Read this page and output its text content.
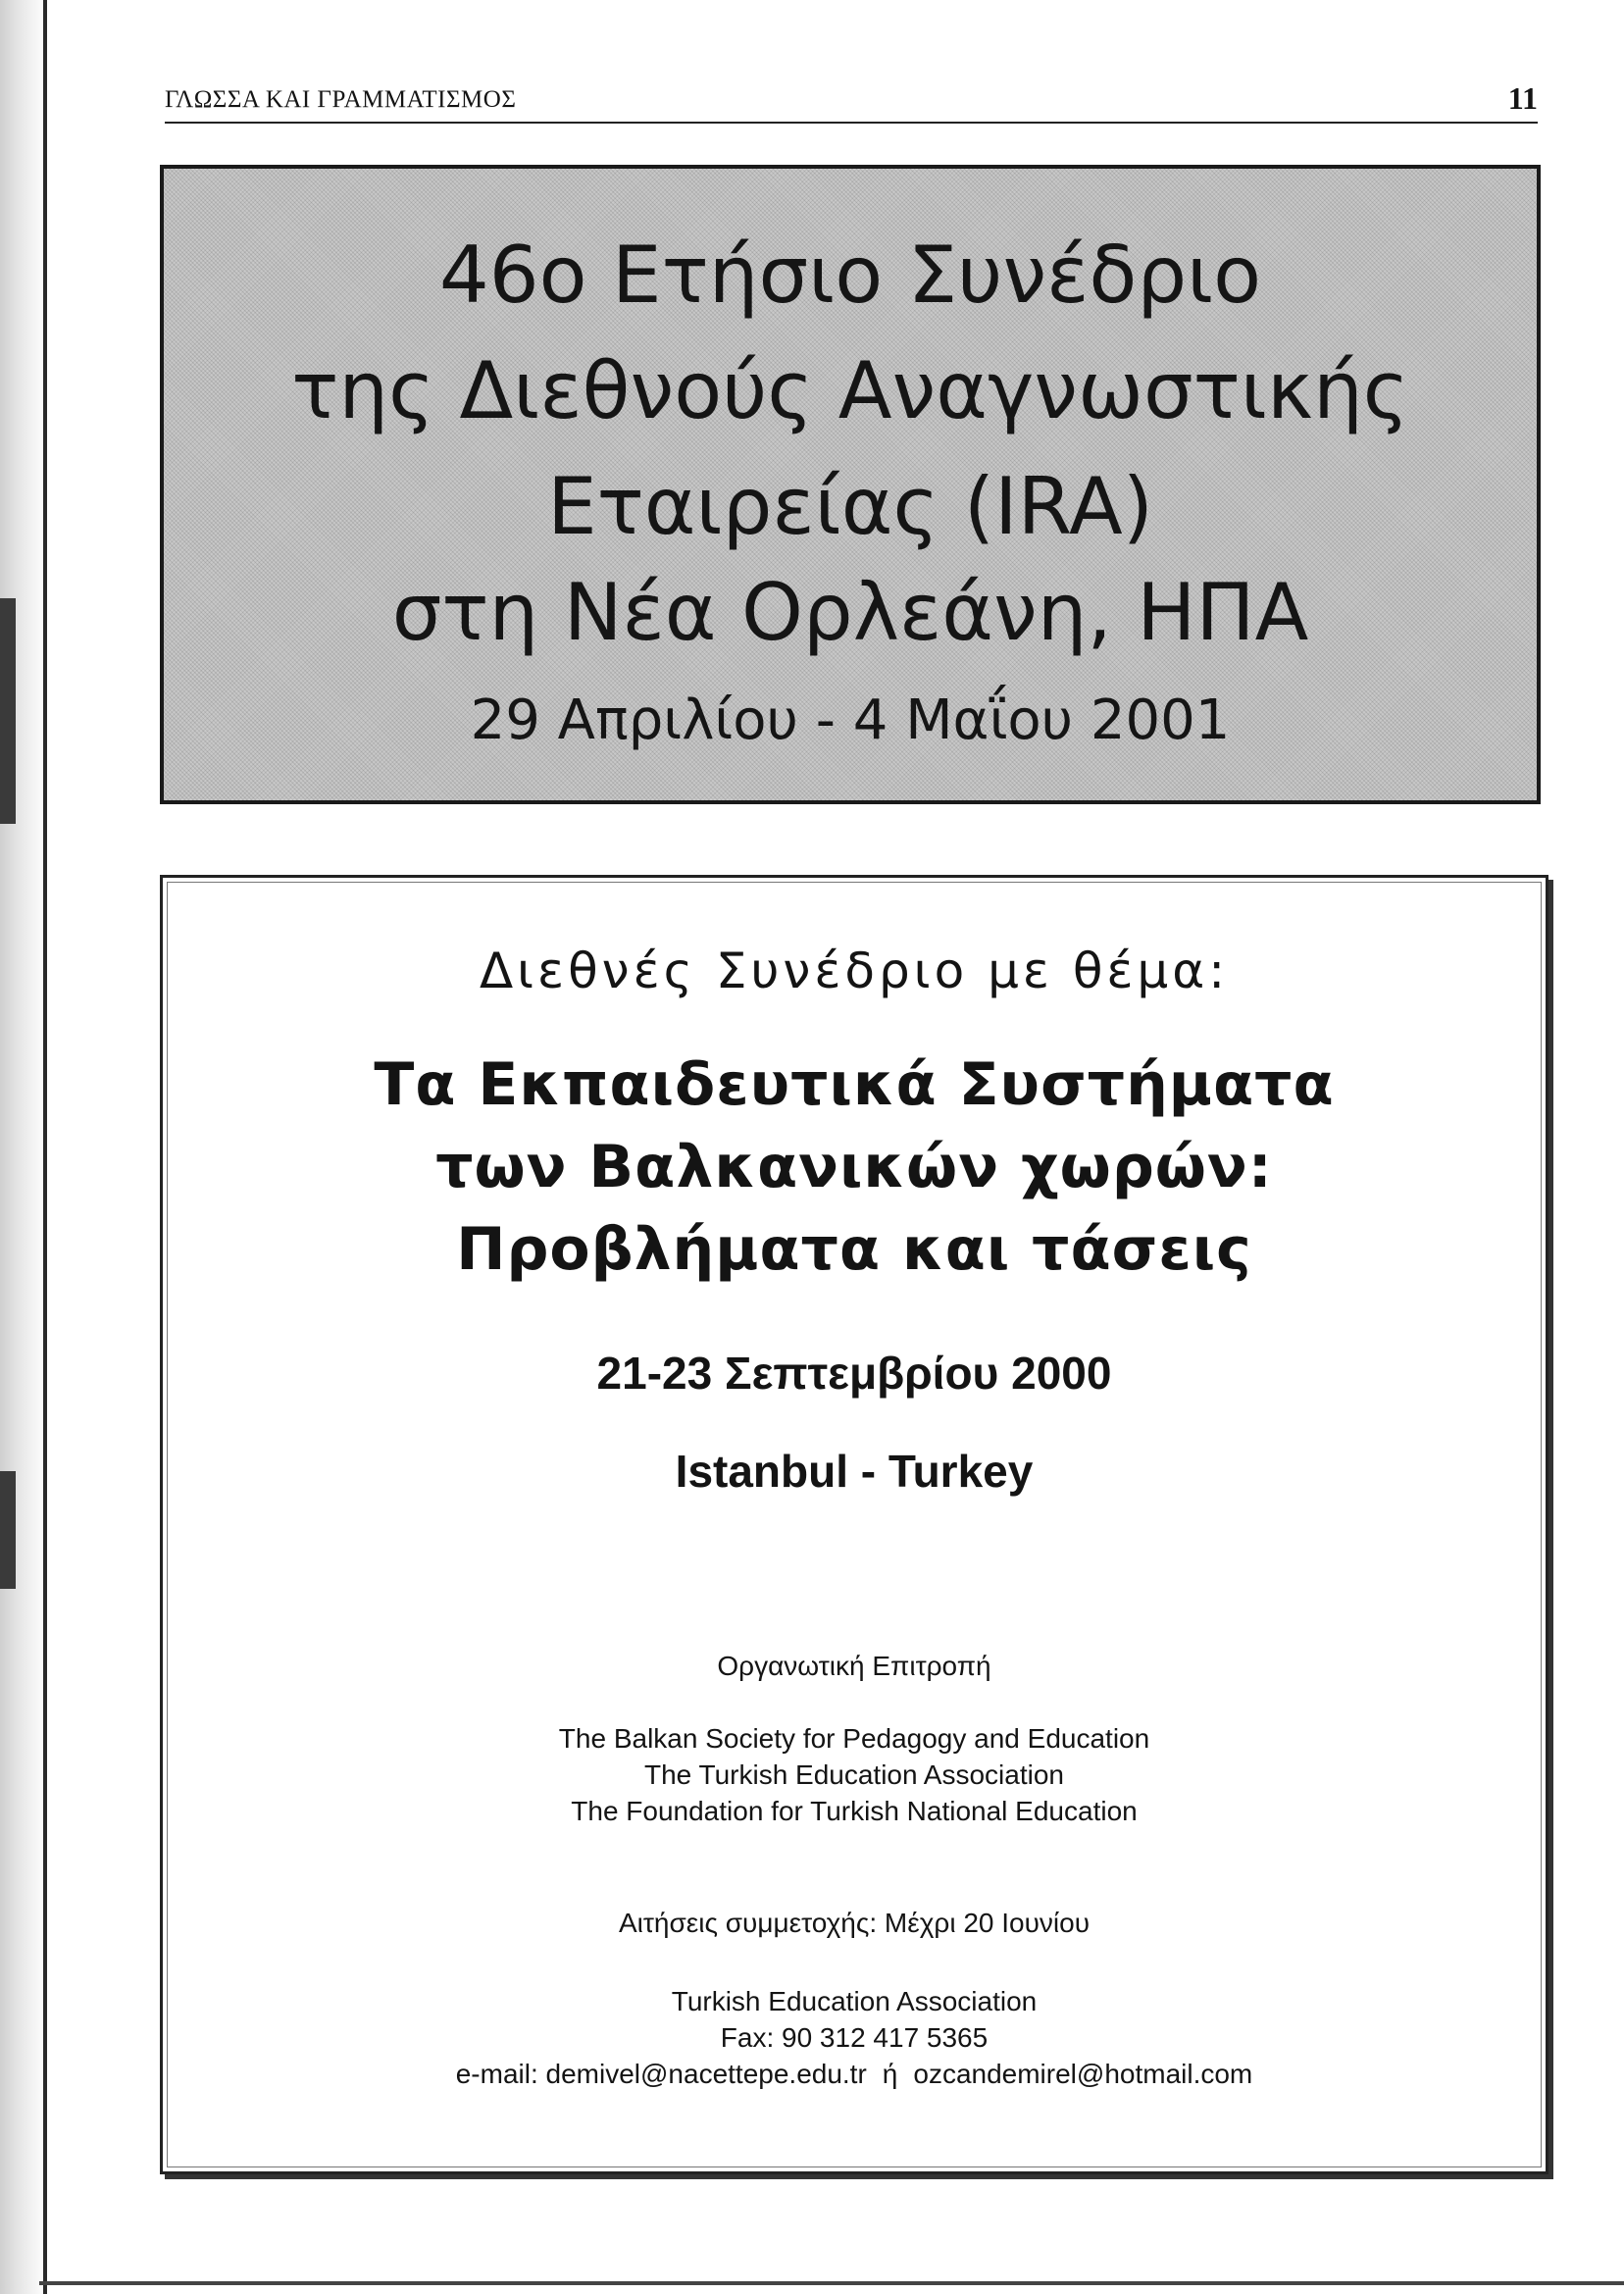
ΓΛΩΣΣΑ ΚΑΙ ΓΡΑΜΜΑΤΙΣΜΟΣ	11
46o Ετήσιο Συνέδριο
της Διεθνούς Αναγνωστικής
Εταιρείας (IRA)
στη Νέα Ορλεάνη, ΗΠΑ
29 Απριλίου - 4 Μαΐου 2001
Διεθνές Συνέδριο με θέμα:
Τα Εκπαιδευτικά Συστήματα
των Βαλκανικών χωρών:
Προβλήματα και τάσεις
21-23 Σεπτεμβρίου 2000
Istanbul - Turkey
Οργανωτική Επιτροπή
The Balkan Society for Pedagogy and Education
The Turkish Education Association
The Foundation for Turkish National Education
Αιτήσεις συμμετοχής: Μέχρι 20 Ιουνίου
Turkish Education Association
Fax: 90 312 417 5365
e-mail: demivel@nacettepe.edu.tr ή ozcandemirel@hotmail.com
